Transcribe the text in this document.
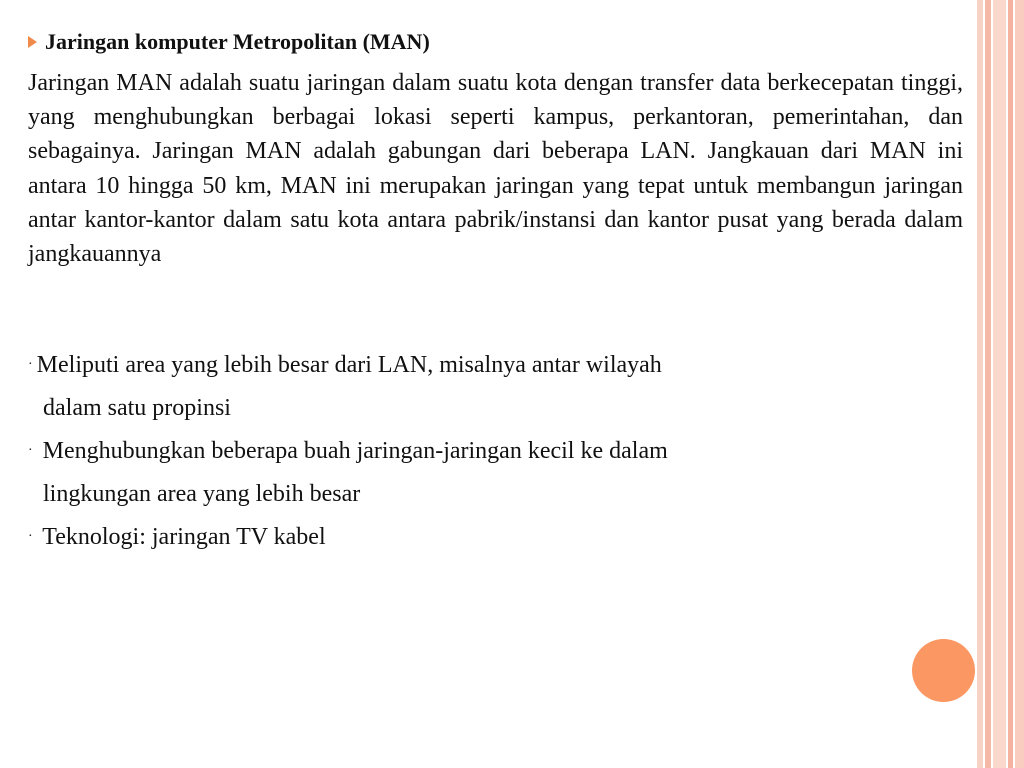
Jaringan komputer Metropolitan (MAN)

Jaringan MAN adalah suatu jaringan dalam suatu kota dengan transfer data berkecepatan tinggi, yang menghubungkan berbagai lokasi seperti kampus, perkantoran, pemerintahan, dan sebagainya. Jaringan MAN adalah gabungan dari beberapa LAN. Jangkauan dari MAN ini antara 10 hingga 50 km, MAN ini merupakan jaringan yang tepat untuk membangun jaringan antar kantor-kantor dalam satu kota antara pabrik/instansi dan kantor pusat yang berada dalam jangkauannya

· Meliputi area yang lebih besar dari LAN, misalnya antar wilayah
dalam satu propinsi
· Menghubungkan beberapa buah jaringan-jaringan kecil ke dalam
lingkungan area yang lebih besar
· Teknologi: jaringan TV kabel
